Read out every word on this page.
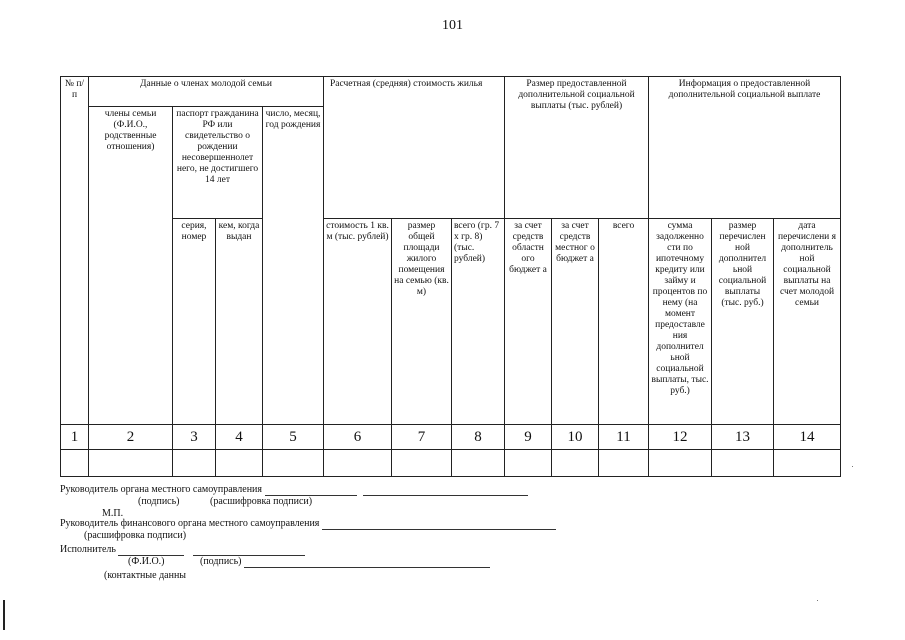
101
№ п/п	Данные о членах молодой семьи				Расчетная (средняя) стоимость жилья			Размер предоставленной дополнительной социальной выплаты (тыс. рублей)			Информация о предоставленной дополнительной социальной выплате		
	члены семьи (Ф.И.О., родственные отношения)	паспорт гражданина РФ или свидетельство о рождении несовершеннолет него, не достигшего 14 лет		число, месяц, год рождения									
		серия, номер	кем, когда выдан		стоимость 1 кв. м (тыс. рублей)	размер общей площади жилого помещения на семью (кв. м)	всего (гр. 7 х гр. 8) (тыс. рублей)	за счет средств областн ого бюджет а	за счет средств местног о бюджет а	всего	сумма задолженно сти по ипотечному кредиту или займу и процентов по нему (на момент предоставле ния дополнител ьной социальной выплаты, тыс. руб.)	размер перечислен ной дополнител ьной социальной выплаты (тыс. руб.)	дата перечислени я дополнитель ной социальной выплаты на счет молодой семьи
1	2	3	4	5	6	7	8	9	10	11	12	13	14

Руководитель органа местного самоуправления
(подпись)	(расшифровка подписи)
М.П.
Руководитель финансового органа местного самоуправления
(расшифровка подписи)
Исполнитель
(Ф.И.О.)	(подпись)
(контактные данны
